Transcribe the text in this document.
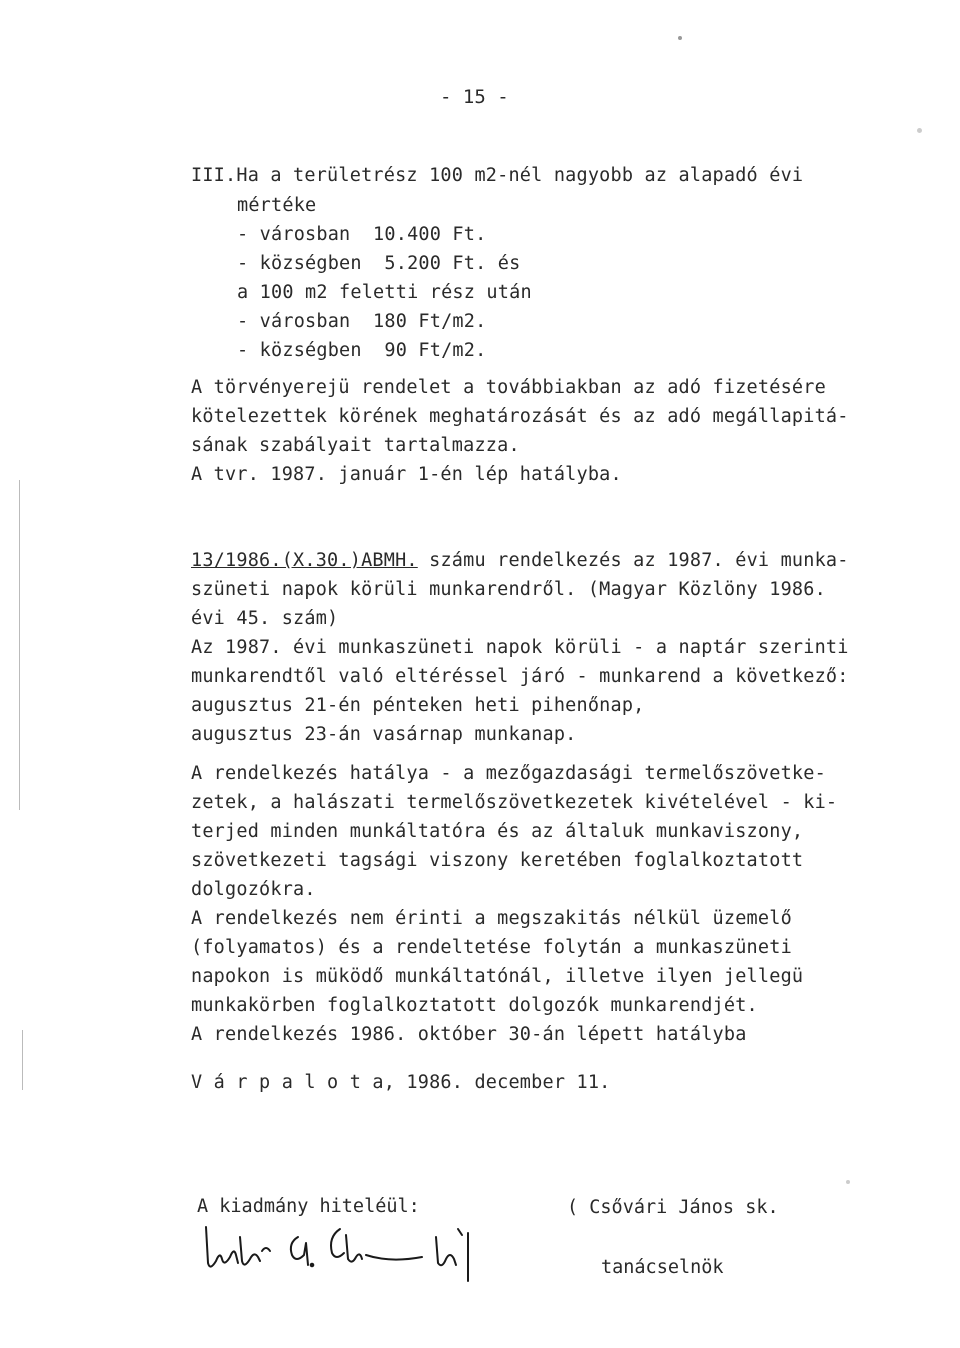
- 15 -
III.Ha a területrész 100 m2-nél nagyobb az alapadó évi
mértéke
- városban  10.400 Ft.
- községben  5.200 Ft. és
a 100 m2 feletti rész után
- városban  180 Ft/m2.
- községben  90 Ft/m2.
A törvényerejü rendelet a továbbiakban az adó fizetésére
kötelezettek körének meghatározását és az adó megállapitá-
sának szabályait tartalmazza.
A tvr. 1987. január 1-én lép hatályba.
13/1986.(X.30.)ABMH. számu rendelkezés az 1987. évi munka-
szüneti napok körüli munkarendről. (Magyar Közlöny 1986.
évi 45. szám)
Az 1987. évi munkaszüneti napok körüli - a naptár szerinti
munkarendtől való eltéréssel járó - munkarend a következő:
augusztus 21-én pénteken heti pihenőnap,
augusztus 23-án vasárnap munkanap.
A rendelkezés hatálya - a mezőgazdasági termelőszövetke-
zetek, a halászati termelőszövetkezetek kivételével - ki-
terjed minden munkáltatóra és az általuk munkaviszony,
szövetkezeti tagsági viszony keretében foglalkoztatott
dolgozókra.
A rendelkezés nem érinti a megszakitás nélkül üzemelő
(folyamatos) és a rendeltetése folytán a munkaszüneti
napokon is müködő munkáltatónál, illetve ilyen jellegü
munkakörben foglalkoztatott dolgozók munkarendjét.
A rendelkezés 1986. október 30-án lépett hatályba
V á r p a l o t a, 1986. december 11.

( Csővári János sk.

tanácselnök

A kiadmány hiteléül:
